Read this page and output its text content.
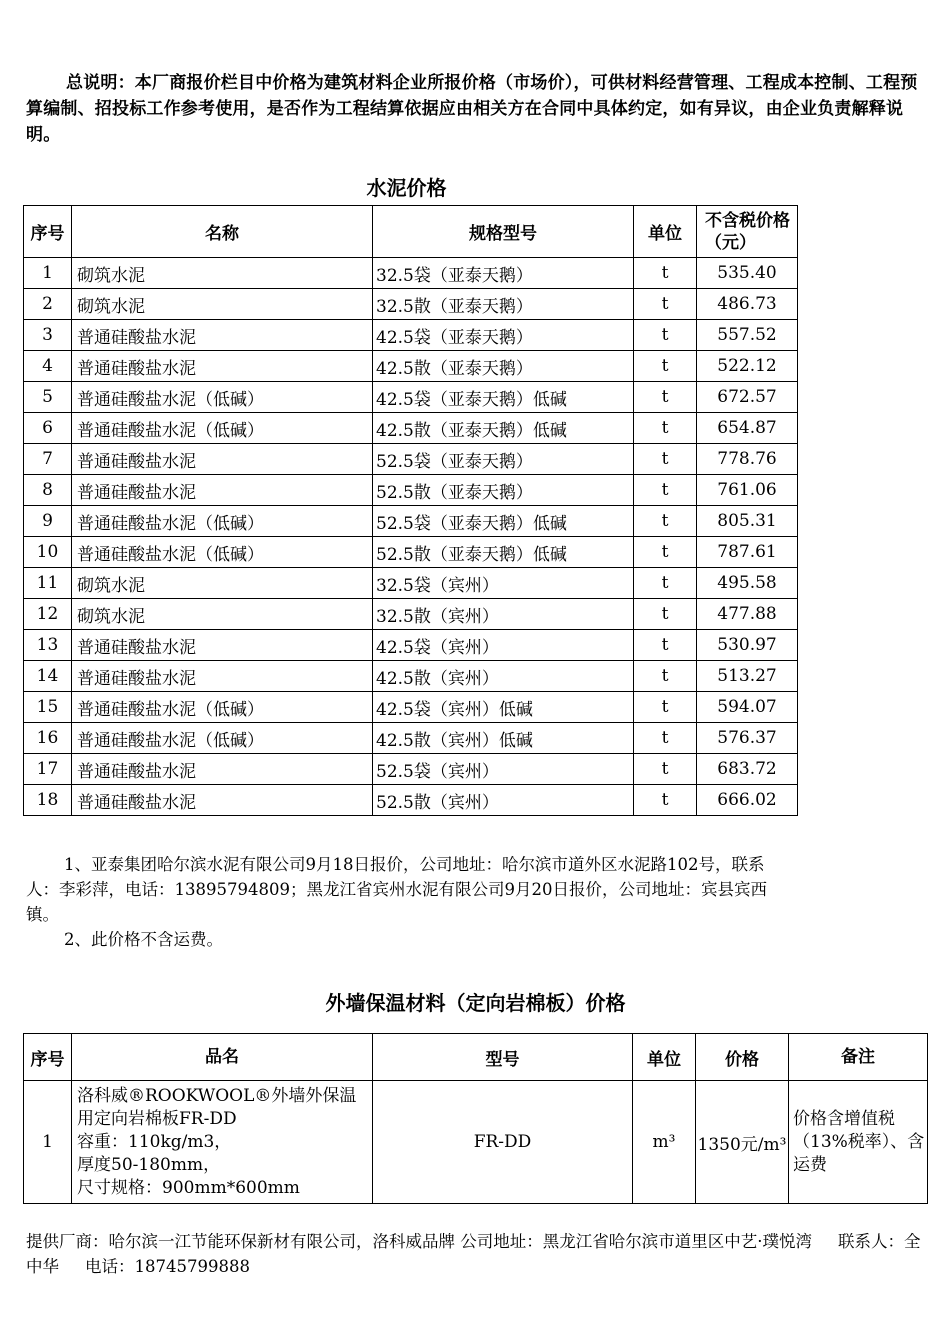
总说明：本厂商报价栏目中价格为建筑材料企业所报价格（市场价），可供材料经营管理、工程成本控制、工程预算编制、招投标工作参考使用，是否作为工程结算依据应由相关方在合同中具体约定，如有异议，由企业负责解释说明。
水泥价格
序号	名称	规格型号	单位	不含税价格（元）
1	砌筑水泥	32.5袋（亚泰天鹅）	t	535.40
2	砌筑水泥	32.5散（亚泰天鹅）	t	486.73
3	普通硅酸盐水泥	42.5袋（亚泰天鹅）	t	557.52
4	普通硅酸盐水泥	42.5散（亚泰天鹅）	t	522.12
5	普通硅酸盐水泥（低碱）	42.5袋（亚泰天鹅）低碱	t	672.57
6	普通硅酸盐水泥（低碱）	42.5散（亚泰天鹅）低碱	t	654.87
7	普通硅酸盐水泥	52.5袋（亚泰天鹅）	t	778.76
8	普通硅酸盐水泥	52.5散（亚泰天鹅）	t	761.06
9	普通硅酸盐水泥（低碱）	52.5袋（亚泰天鹅）低碱	t	805.31
10	普通硅酸盐水泥（低碱）	52.5散（亚泰天鹅）低碱	t	787.61
11	砌筑水泥	32.5袋（宾州）	t	495.58
12	砌筑水泥	32.5散（宾州）	t	477.88
13	普通硅酸盐水泥	42.5袋（宾州）	t	530.97
14	普通硅酸盐水泥	42.5散（宾州）	t	513.27
15	普通硅酸盐水泥（低碱）	42.5袋（宾州）低碱	t	594.07
16	普通硅酸盐水泥（低碱）	42.5散（宾州）低碱	t	576.37
17	普通硅酸盐水泥	52.5袋（宾州）	t	683.72
18	普通硅酸盐水泥	52.5散（宾州）	t	666.02

1、亚泰集团哈尔滨水泥有限公司9月18日报价，公司地址：哈尔滨市道外区水泥路102号，联系人：李彩萍，电话：13895794809；黑龙江省宾州水泥有限公司9月20日报价，公司地址：宾县宾西镇。

2、此价格不含运费。

外墙保温材料（定向岩棉板）价格
序号	品名	型号	单位	价格	备注
1	洛科威®ROOKWOOL®外墙外保温用定向岩棉板FR-DD
容重：110kg/m3，
厚度50-180mm，
尺寸规格：900mm*600mm	FR-DD	m³	1350元/m³	价格含增值税（13%税率）、含运费
提供厂商：哈尔滨一江节能环保新材有限公司，洛科威品牌 公司地址：黑龙江省哈尔滨市道里区中艺·璞悦湾 联系人：全中华 电话：18745799888
